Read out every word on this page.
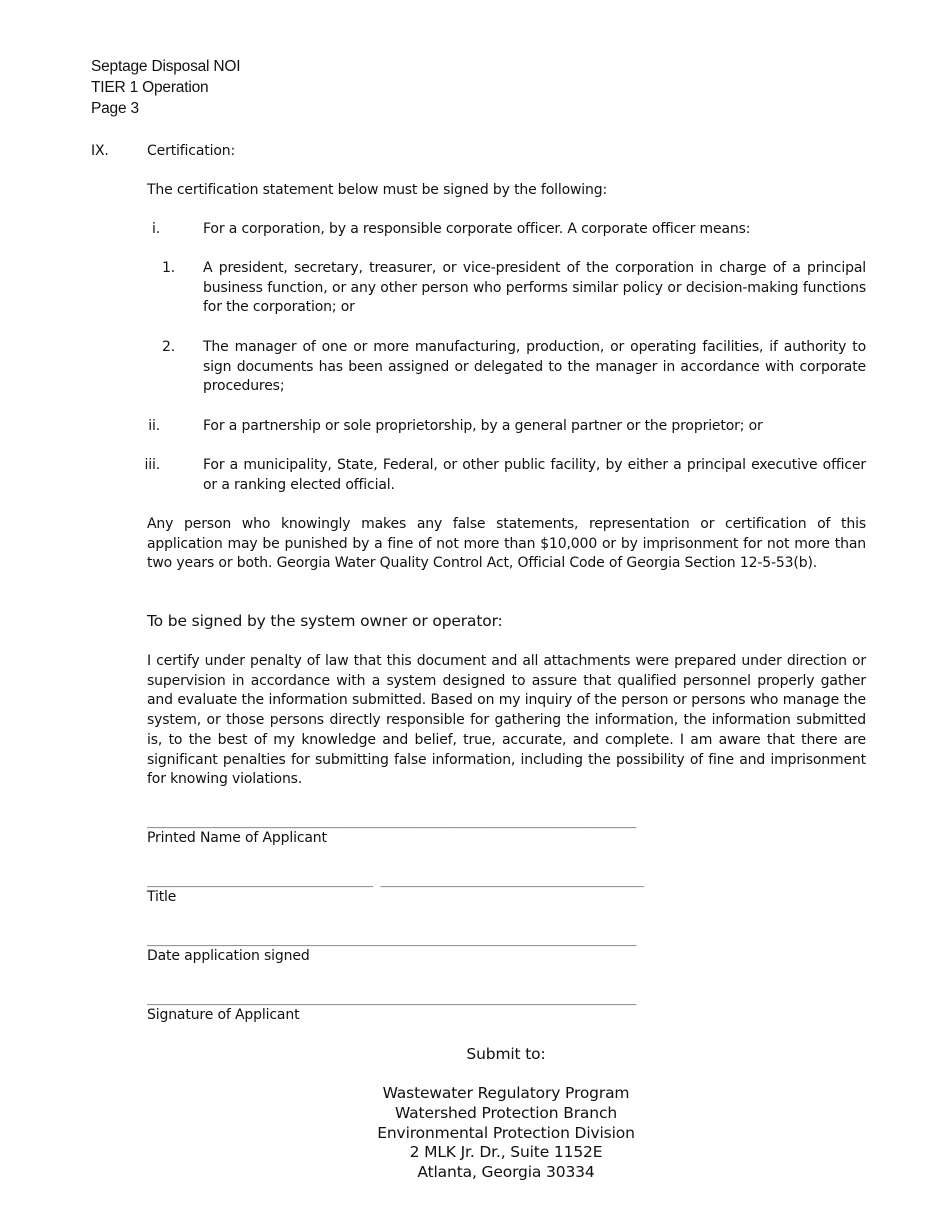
Septage Disposal NOI
TIER 1 Operation
Page 3
IX.	Certification:
The certification statement below must be signed by the following:
i.	For a corporation, by a responsible corporate officer. A corporate officer means:
1. A president, secretary, treasurer, or vice-president of the corporation in charge of a principal business function, or any other person who performs similar policy or decision-making functions for the corporation; or
2. The manager of one or more manufacturing, production, or operating facilities, if authority to sign documents has been assigned or delegated to the manager in accordance with corporate procedures;
ii.	For a partnership or sole proprietorship, by a general partner or the proprietor; or
iii.	For a municipality, State, Federal, or other public facility, by either a principal executive officer or a ranking elected official.
Any person who knowingly makes any false statements, representation or certification of this application may be punished by a fine of not more than $10,000 or by imprisonment for not more than two years or both. Georgia Water Quality Control Act, Official Code of Georgia Section 12-5-53(b).
To be signed by the system owner or operator:
I certify under penalty of law that this document and all attachments were prepared under direction or supervision in accordance with a system designed to assure that qualified personnel properly gather and evaluate the information submitted. Based on my inquiry of the person or persons who manage the system, or those persons directly responsible for gathering the information, the information submitted is, to the best of my knowledge and belief, true, accurate, and complete. I am aware that there are significant penalties for submitting false information, including the possibility of fine and imprisonment for knowing violations.
_________________________________________________________________
Printed Name of Applicant
______________________________ ___________________________________
Title
_________________________________________________________________
Date application signed
_________________________________________________________________
Signature of Applicant
Submit to:
Wastewater Regulatory Program
Watershed Protection Branch
Environmental Protection Division
2 MLK Jr. Dr., Suite 1152E
Atlanta, Georgia 30334
